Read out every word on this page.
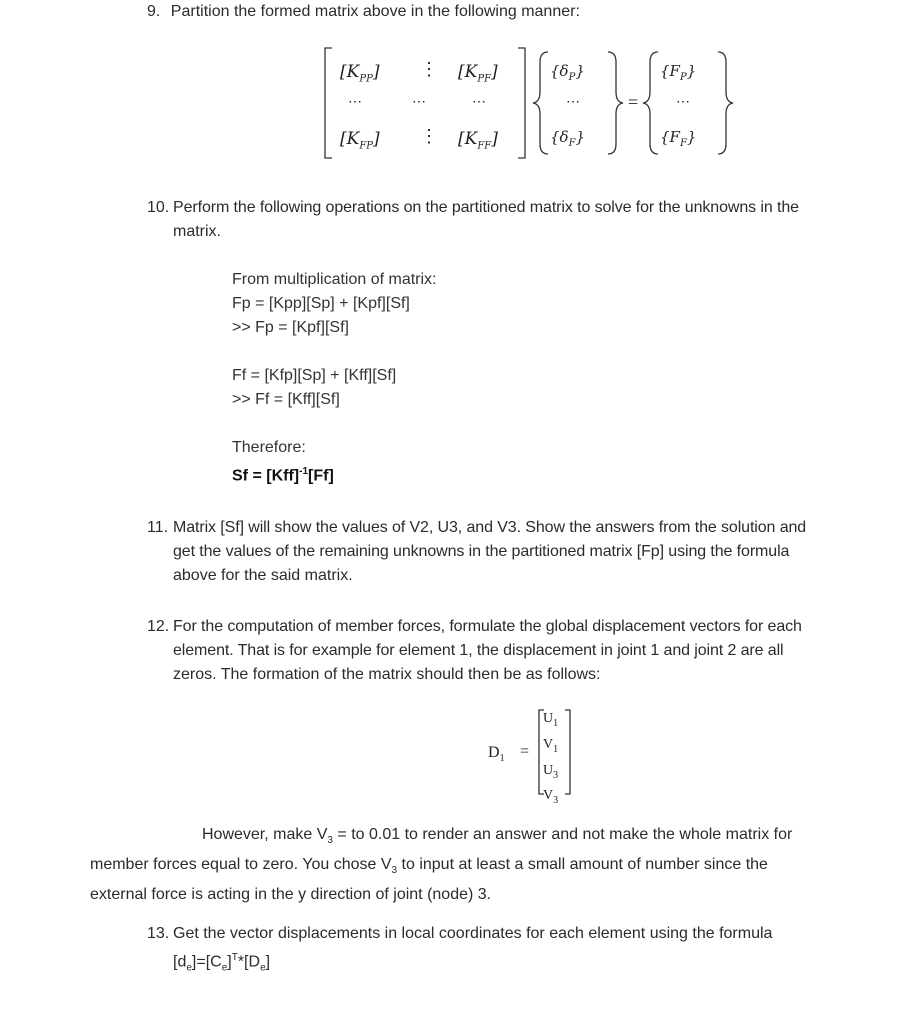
9. Partition the formed matrix above in the following manner:
$[K_{PP}]$ ⋮ $[K_{PF}]$
⋯	⋯	⋯
$[K_{FP}]$ ⋮ $[K_{FF}]$
$\{\delta_P\}$
⋯
$\{\delta_F\}$
=
$\{F_P\}$
⋯
$\{F_F\}$
10. Perform the following operations on the partitioned matrix to solve for the unknowns in the
matrix.
From multiplication of matrix:
Fp = [Kpp][Sp] + [Kpf][Sf]
>> Fp = [Kpf][Sf]
Ff = [Kfp][Sp] + [Kff][Sf]
>> Ff = [Kff][Sf]
Therefore:
Sf = [Kff]$^{-1}$[Ff]
11. Matrix [Sf] will show the values of V2, U3, and V3. Show the answers from the solution and
get the values of the remaining unknowns in the partitioned matrix [Fp] using the formula
above for the said matrix.
12. For the computation of member forces, formulate the global displacement vectors for each
element. That is for example for element 1, the displacement in joint 1 and joint 2 are all
zeros. The formation of the matrix should then be as follows:
$D_1$ =
$U_1$
$V_1$
$U_3$
$V_3$
However, make $V_3$ = to 0.01 to render an answer and not make the whole matrix for
member forces equal to zero. You chose $V_3$ to input at least a small amount of number since the
external force is acting in the y direction of joint (node) 3.
13. Get the vector displacements in local coordinates for each element using the formula
$[d_e]=[C_e]^T*[D_e]$
